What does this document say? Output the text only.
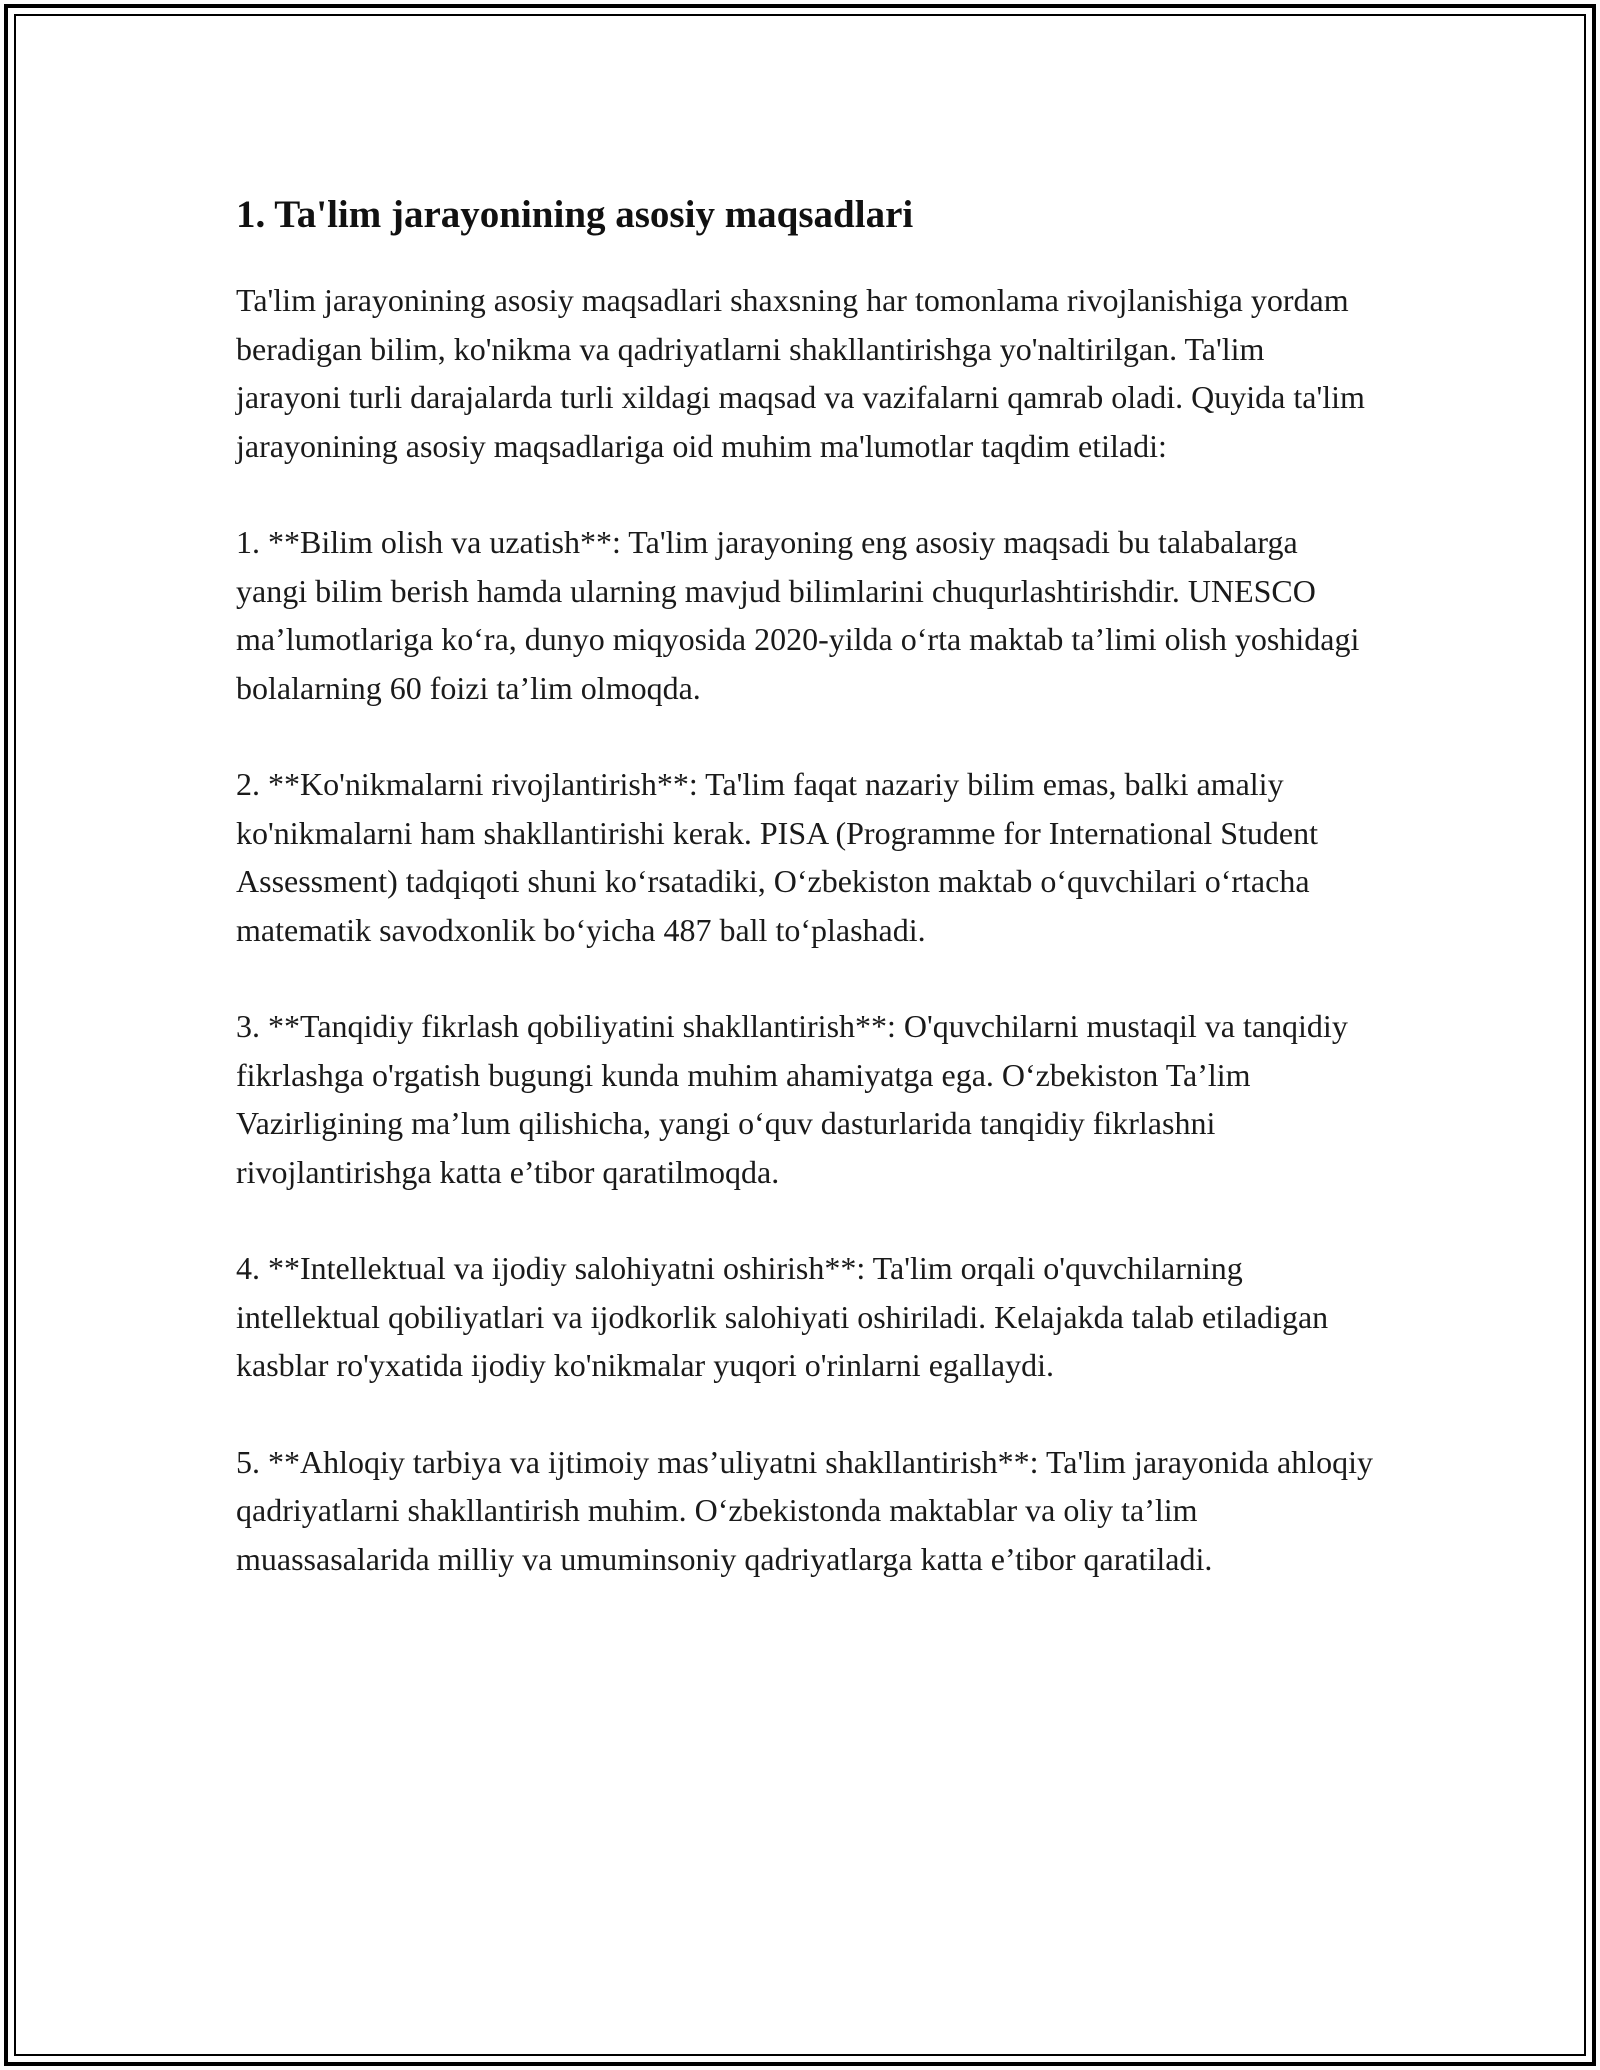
1. Ta'lim jarayonining asosiy maqsadlari

Ta'lim jarayonining asosiy maqsadlari shaxsning har tomonlama rivojlanishiga yordam beradigan bilim, ko'nikma va qadriyatlarni shakllantirishga yo'naltirilgan. Ta'lim jarayoni turli darajalarda turli xildagi maqsad va vazifalarni qamrab oladi. Quyida ta'lim jarayonining asosiy maqsadlariga oid muhim ma'lumotlar taqdim etiladi:

1. **Bilim olish va uzatish**: Ta'lim jarayoning eng asosiy maqsadi bu talabalarga yangi bilim berish hamda ularning mavjud bilimlarini chuqurlashtirishdir. UNESCO ma’lumotlariga ko‘ra, dunyo miqyosida 2020-yilda o‘rta maktab ta’limi olish yoshidagi bolalarning 60 foizi ta’lim olmoqda.

2. **Ko'nikmalarni rivojlantirish**: Ta'lim faqat nazariy bilim emas, balki amaliy ko'nikmalarni ham shakllantirishi kerak. PISA (Programme for International Student Assessment) tadqiqoti shuni ko‘rsatadiki, O‘zbekiston maktab o‘quvchilari o‘rtacha matematik savodxonlik bo‘yicha 487 ball to‘plashadi.

3. **Tanqidiy fikrlash qobiliyatini shakllantirish**: O'quvchilarni mustaqil va tanqidiy fikrlashga o'rgatish bugungi kunda muhim ahamiyatga ega. O‘zbekiston Ta’lim Vazirligining ma’lum qilishicha, yangi o‘quv dasturlarida tanqidiy fikrlashni rivojlantirishga katta e’tibor qaratilmoqda.

4. **Intellektual va ijodiy salohiyatni oshirish**: Ta'lim orqali o'quvchilarning intellektual qobiliyatlari va ijodkorlik salohiyati oshiriladi. Kelajakda talab etiladigan kasblar ro'yxatida ijodiy ko'nikmalar yuqori o'rinlarni egallaydi.

5. **Ahloqiy tarbiya va ijtimoiy mas’uliyatni shakllantirish**: Ta'lim jarayonida ahloqiy qadriyatlarni shakllantirish muhim. O‘zbekistonda maktablar va oliy ta’lim muassasalarida milliy va umuminsoniy qadriyatlarga katta e’tibor qaratiladi.
